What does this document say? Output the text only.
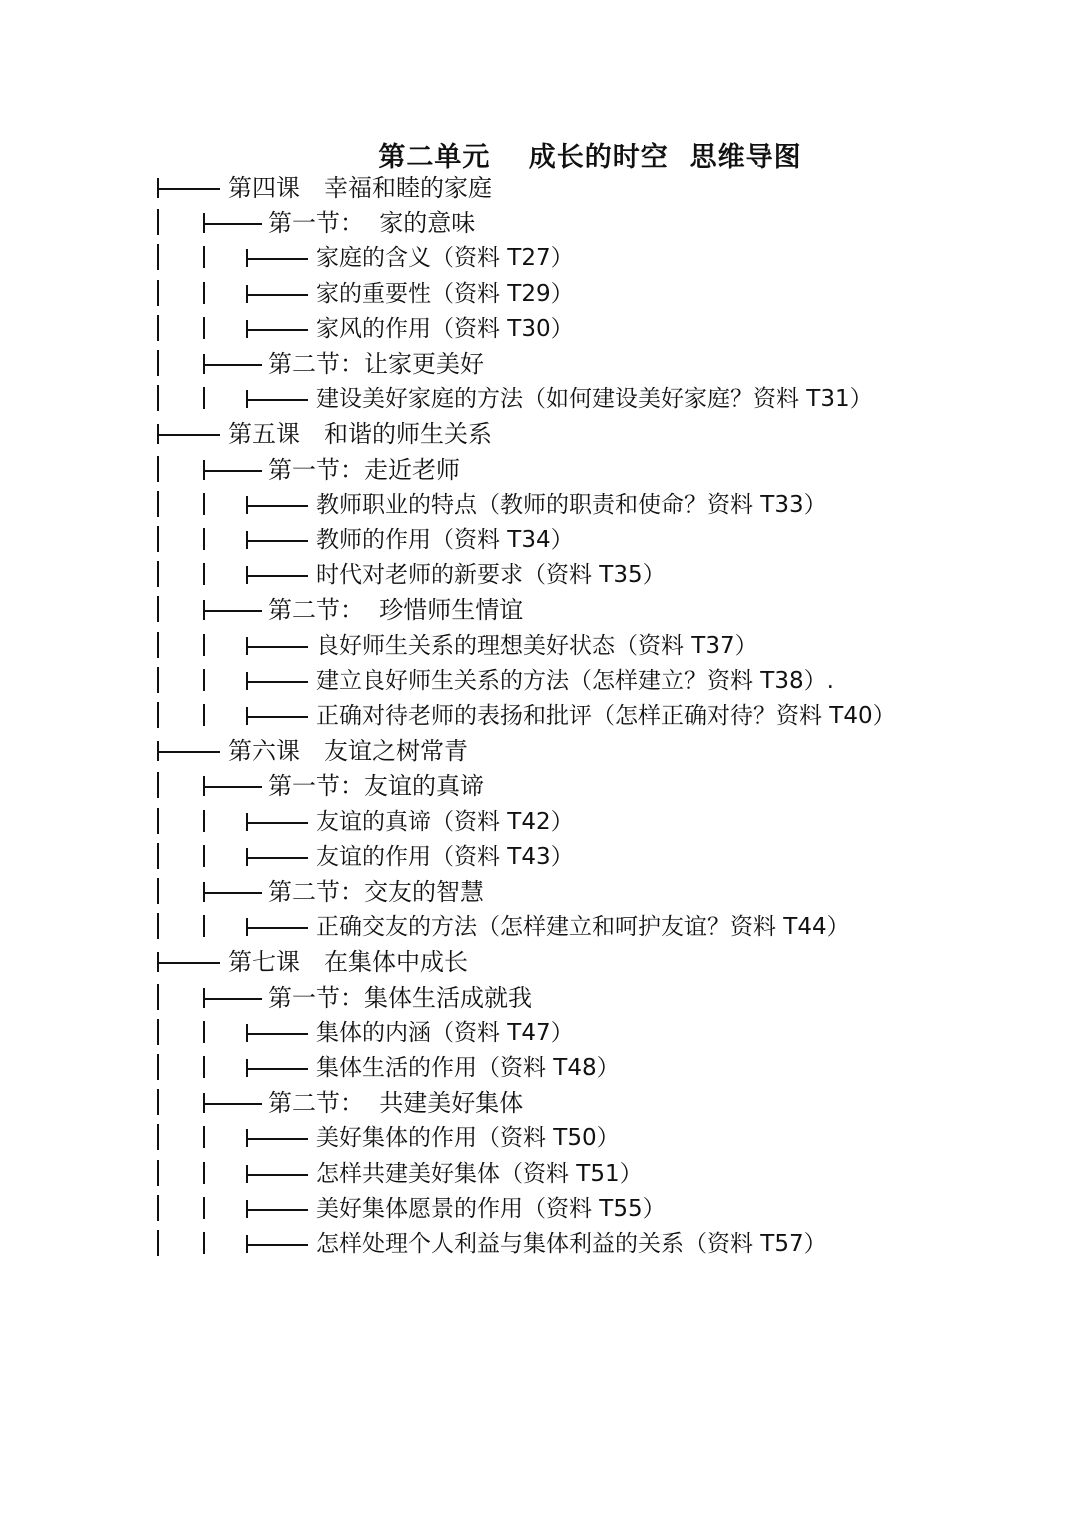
第二单元　 成长的时空  思维导图
第四课　幸福和睦的家庭
第一节：  家的意味
家庭的含义（资料 T27）
家的重要性（资料 T29）
家风的作用（资料 T30）
第二节：让家更美好
建设美好家庭的方法（如何建设美好家庭？资料 T31）
第五课　和谐的师生关系
第一节：走近老师
教师职业的特点（教师的职责和使命？资料 T33）
教师的作用（资料 T34）
时代对老师的新要求（资料 T35）
第二节：  珍惜师生情谊
良好师生关系的理想美好状态（资料 T37）
建立良好师生关系的方法（怎样建立？资料 T38）.
正确对待老师的表扬和批评（怎样正确对待？资料 T40）
第六课　友谊之树常青
第一节：友谊的真谛
友谊的真谛（资料 T42）
友谊的作用（资料 T43）
第二节：交友的智慧
正确交友的方法（怎样建立和呵护友谊？资料 T44）
第七课　在集体中成长
第一节：集体生活成就我
集体的内涵（资料 T47）
集体生活的作用（资料 T48）
第二节：  共建美好集体
美好集体的作用（资料 T50）
怎样共建美好集体（资料 T51）
美好集体愿景的作用（资料 T55）
怎样处理个人利益与集体利益的关系（资料 T57）
